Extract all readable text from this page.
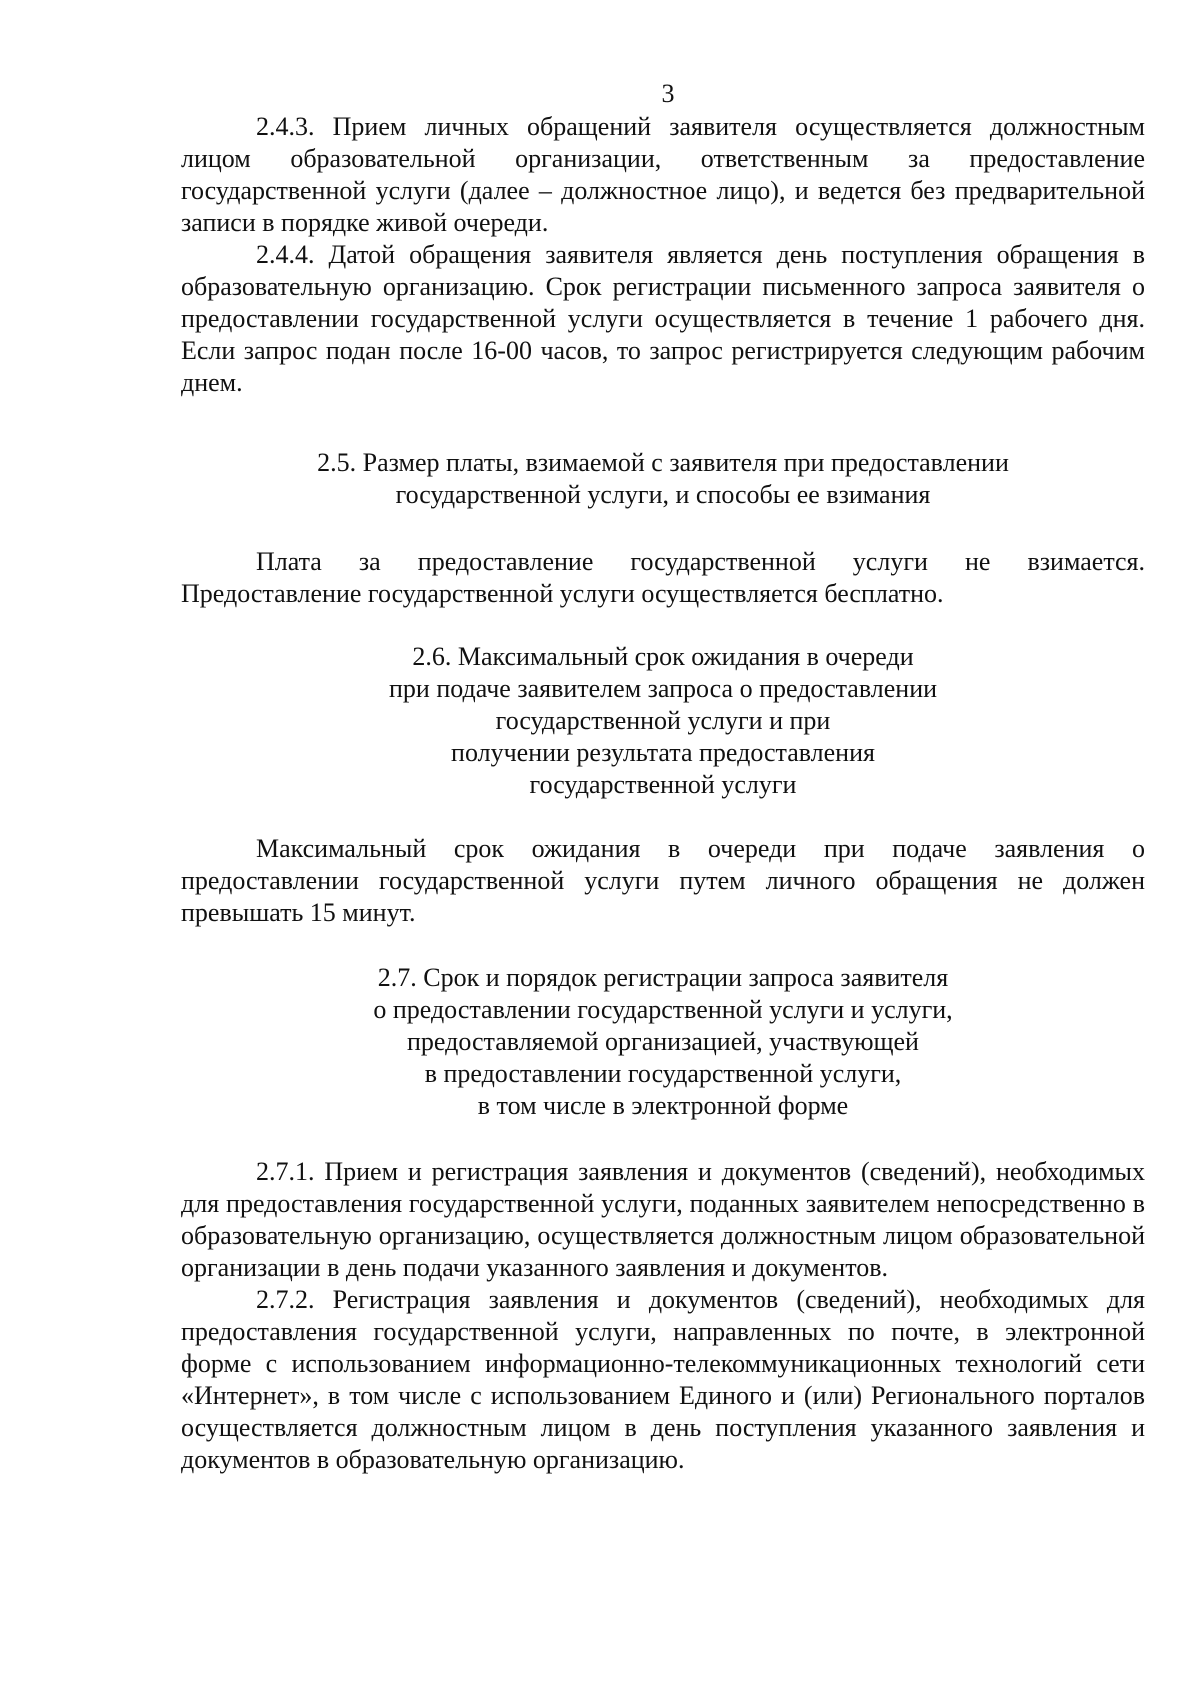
3

2.4.3. Прием личных обращений заявителя осуществляется должностным лицом образовательной организации, ответственным за предоставление государственной услуги (далее – должностное лицо), и ведется без предварительной записи в порядке живой очереди.

2.4.4. Датой обращения заявителя является день поступления обращения в образовательную организацию. Срок регистрации письменного запроса заявителя о предоставлении государственной услуги осуществляется в течение 1 рабочего дня. Если запрос подан после 16-00 часов, то запрос регистрируется следующим рабочим днем.

2.5. Размер платы, взимаемой с заявителя при предоставлении
государственной услуги, и способы ее взимания

Плата за предоставление государственной услуги не взимается. Предоставление государственной услуги осуществляется бесплатно.

2.6. Максимальный срок ожидания в очереди
при подаче заявителем запроса о предоставлении
государственной услуги и при
получении результата предоставления
государственной услуги

Максимальный срок ожидания в очереди при подаче заявления о предоставлении государственной услуги путем личного обращения не должен превышать 15 минут.

2.7. Срок и порядок регистрации запроса заявителя
о предоставлении государственной услуги и услуги,
предоставляемой организацией, участвующей
в предоставлении государственной услуги,
в том числе в электронной форме

2.7.1. Прием и регистрация заявления и документов (сведений), необходимых для предоставления государственной услуги, поданных заявителем непосредственно в образовательную организацию, осуществляется должностным лицом образовательной организации в день подачи указанного заявления и документов.

2.7.2. Регистрация заявления и документов (сведений), необходимых для предоставления государственной услуги, направленных по почте, в электронной форме с использованием информационно-телекоммуникационных технологий сети «Интернет», в том числе с использованием Единого и (или) Регионального порталов осуществляется должностным лицом в день поступления указанного заявления и документов в образовательную организацию.
